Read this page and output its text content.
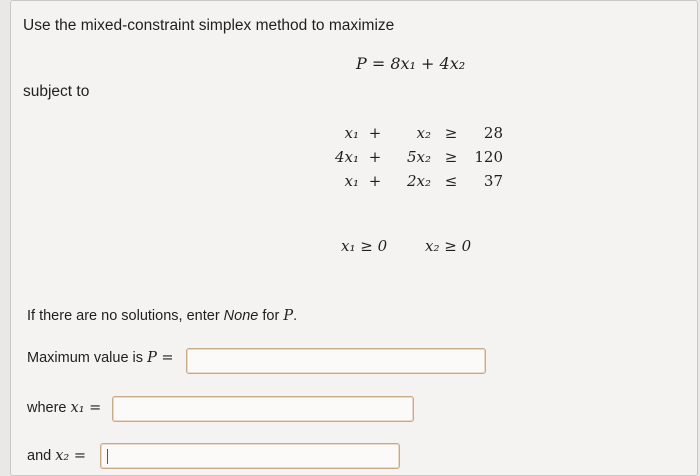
Use the mixed-constraint simplex method to maximize
P = 8x₁ + 4x₂
subject to
x₁	+	x₂	≥	28
4x₁	+	5x₂	≥	120
x₁	+	2x₂	≤	37
x₁ ≥ 0	x₂ ≥ 0
If there are no solutions, enter None for P.
Maximum value is P =
where x₁ =
and x₂ =
